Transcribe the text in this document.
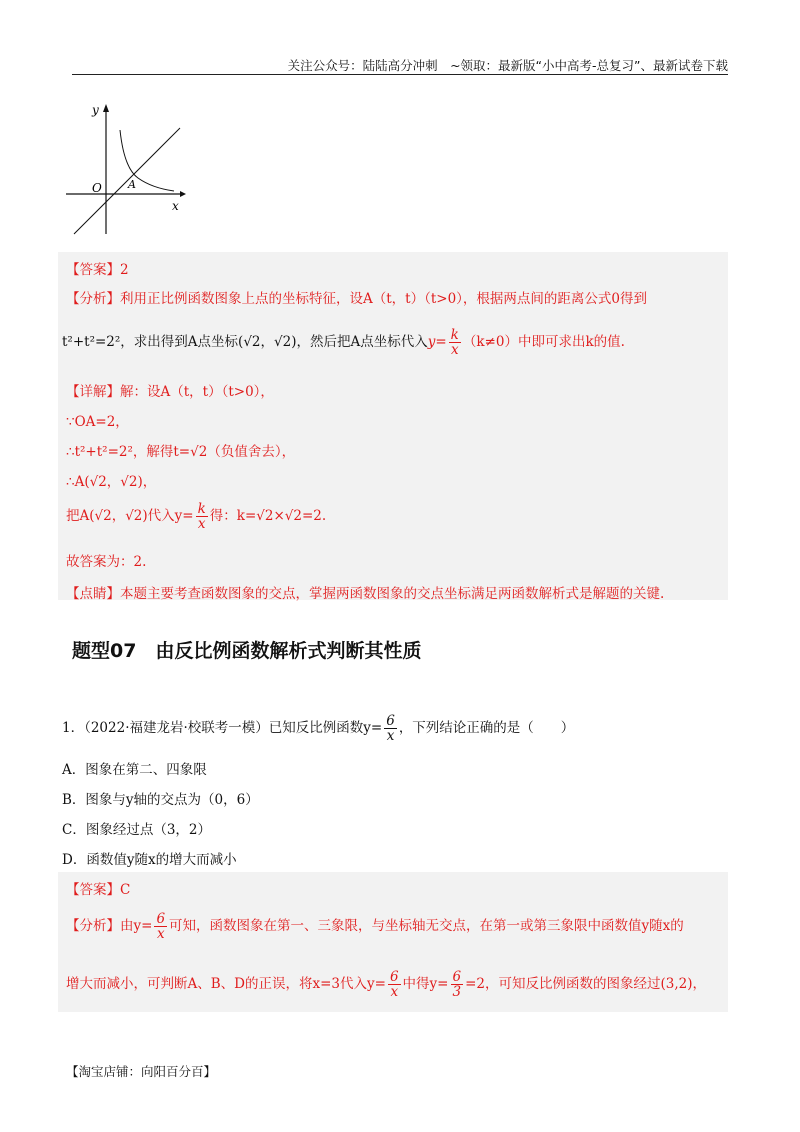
关注公众号：陆陆高分冲刺　~领取：最新版“小中高考-总复习”、最新试卷下载
y
x
O A
【答案】2
【分析】利用正比例函数图象上点的坐标特征，设A（t，t）（t>0），根据两点间的距离公式0得到
t²+t²=2²，求出得到A点坐标(√2，√2)，然后把A点坐标代入$y= \frac{k}{x} (k\ne 0)$中即可求出k的值.
【详解】解：设A（t，t）（t>0），
∵OA=2，
∴t²+t²=2²，解得t=√2（负值舍去），
∴A(√2，√2)，
把A(√2，√2)代入$y= \frac{k}{x}$ 得：k=√2×√2=2.
故答案为：2.
【点睛】本题主要考查函数图象的交点，掌握两函数图象的交点坐标满足两函数解析式是解题的关键.
题型07　由反比例函数解析式判断其性质
1．（2022·福建龙岩·校联考一模）已知反比例函数$y= \frac{6}{x}$ ，下列结论正确的是（　　）
A．图象在第二、四象限
B．图象与y轴的交点为（0，6）
C．图象经过点（3，2）
D．函数值y随x的增大而减小
【答案】C
【分析】由$y= \frac{6}{x}$ 可知，函数图象在第一、三象限，与坐标轴无交点，在第一或第三象限中函数值y随x的
增大而减小，可判断A、B、D的正误，将x=3代入$y= \frac{6}{x}$ 中得$y= \frac{6}{3} =2$，可知反比例函数的图象经过(3,2)，
【淘宝店铺：向阳百分百】
